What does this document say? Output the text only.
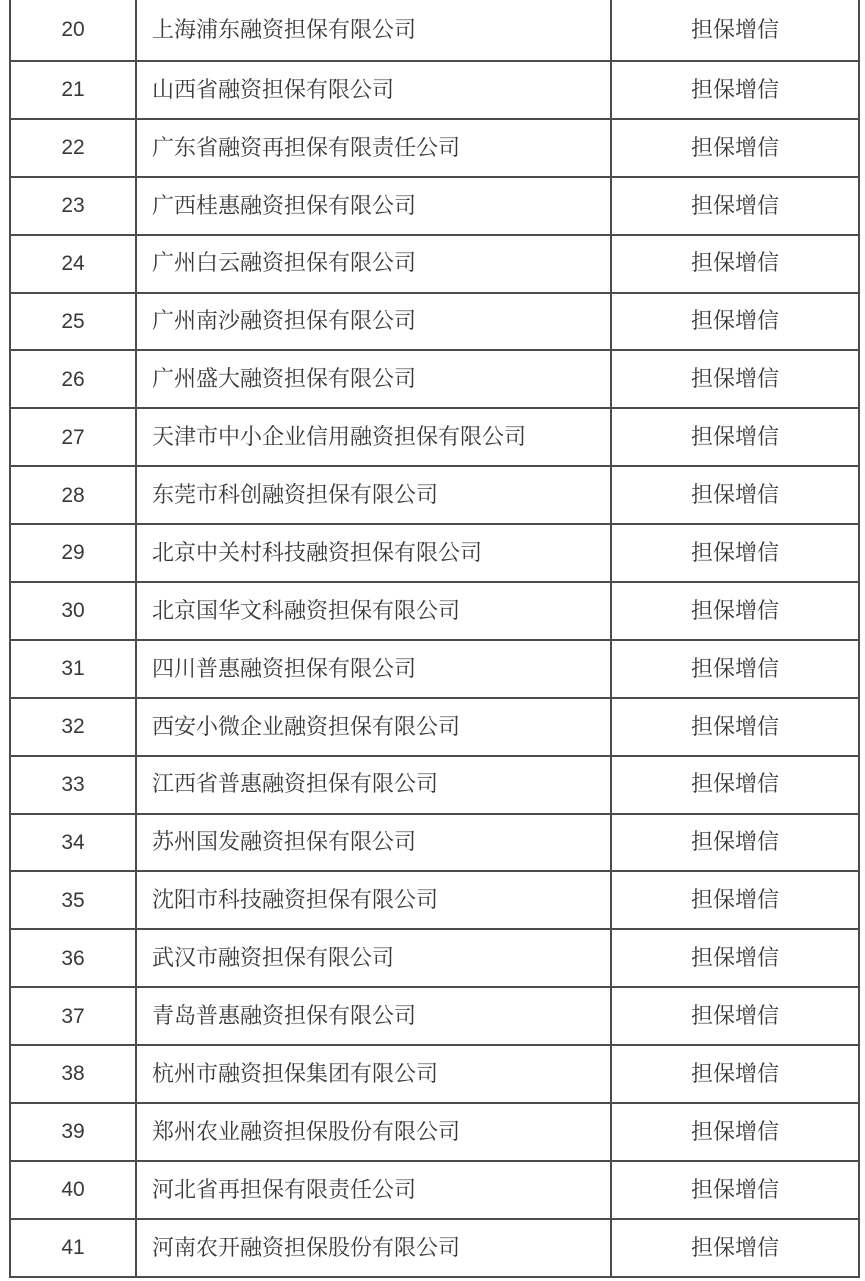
20	上海浦东融资担保有限公司	担保增信
21	山西省融资担保有限公司	担保增信
22	广东省融资再担保有限责任公司	担保增信
23	广西桂惠融资担保有限公司	担保增信
24	广州白云融资担保有限公司	担保增信
25	广州南沙融资担保有限公司	担保增信
26	广州盛大融资担保有限公司	担保增信
27	天津市中小企业信用融资担保有限公司	担保增信
28	东莞市科创融资担保有限公司	担保增信
29	北京中关村科技融资担保有限公司	担保增信
30	北京国华文科融资担保有限公司	担保增信
31	四川普惠融资担保有限公司	担保增信
32	西安小微企业融资担保有限公司	担保增信
33	江西省普惠融资担保有限公司	担保增信
34	苏州国发融资担保有限公司	担保增信
35	沈阳市科技融资担保有限公司	担保增信
36	武汉市融资担保有限公司	担保增信
37	青岛普惠融资担保有限公司	担保增信
38	杭州市融资担保集团有限公司	担保增信
39	郑州农业融资担保股份有限公司	担保增信
40	河北省再担保有限责任公司	担保增信
41	河南农开融资担保股份有限公司	担保增信
